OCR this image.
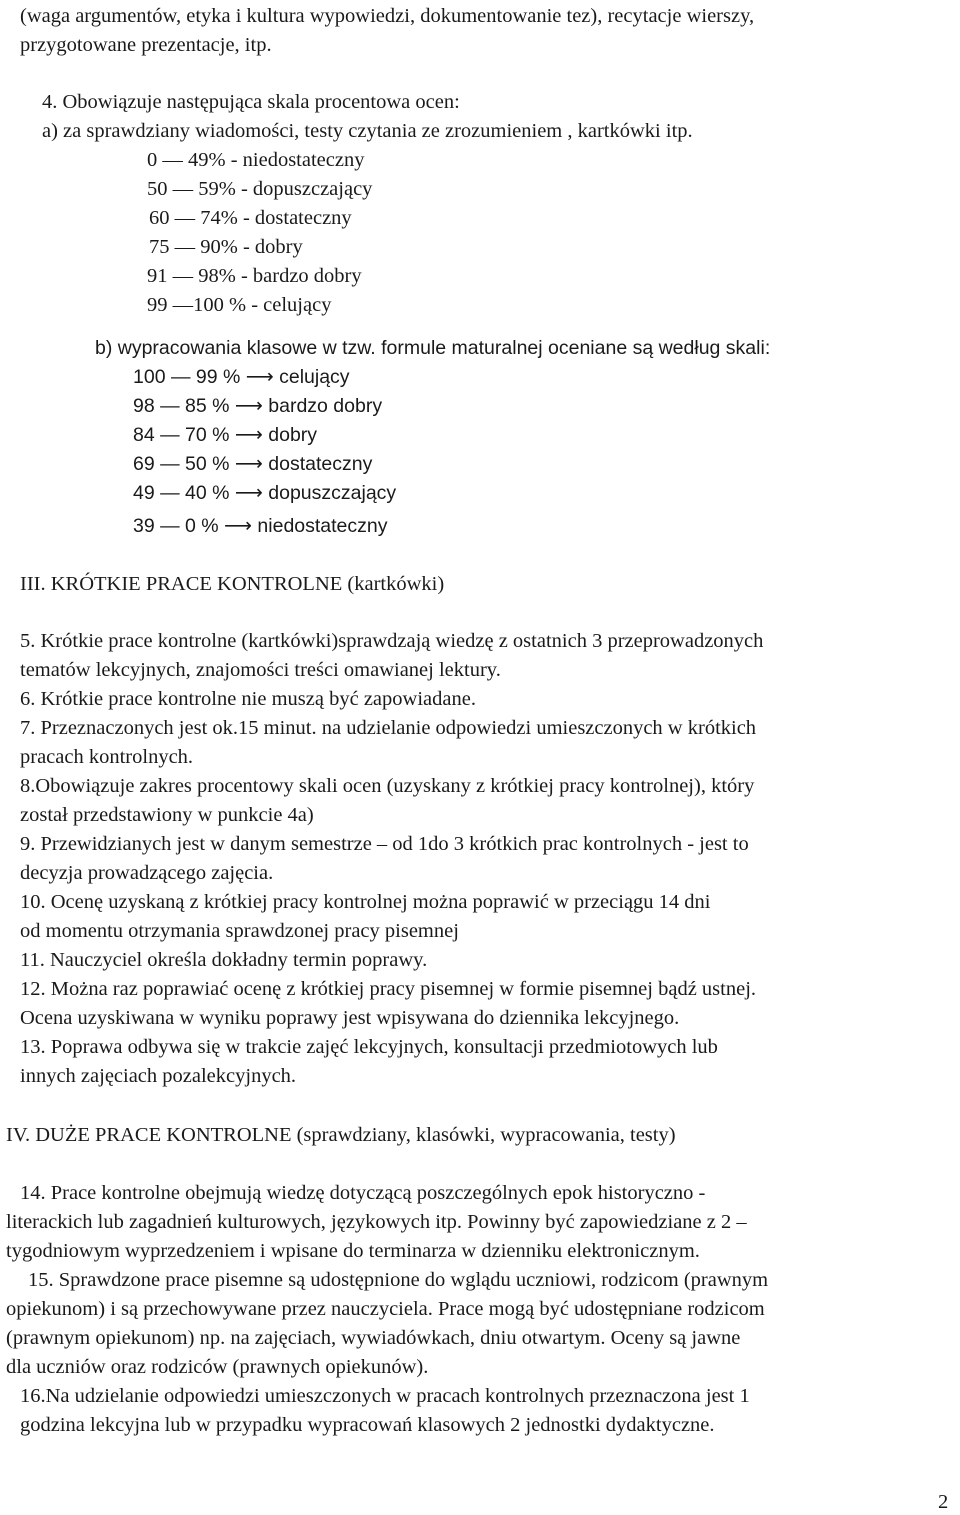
(waga argumentów, etyka i kultura wypowiedzi, dokumentowanie tez), recytacje wierszy,
przygotowane prezentacje, itp.
4. Obowiązuje następująca skala procentowa ocen:
a) za sprawdziany wiadomości, testy czytania ze zrozumieniem , kartkówki itp.
0 — 49% - niedostateczny
50 — 59% - dopuszczający
60 — 74% - dostateczny
75 — 90% - dobry
91 — 98% - bardzo dobry
99 —100 % - celujący
b) wypracowania klasowe w tzw. formule maturalnej oceniane są według skali:
100 — 99 % ⟶ celujący
98 — 85 % ⟶ bardzo dobry
84 — 70 % ⟶ dobry
69 — 50 % ⟶ dostateczny
49 — 40 % ⟶ dopuszczający
39 — 0 % ⟶ niedostateczny
III. KRÓTKIE PRACE KONTROLNE (kartkówki)
5. Krótkie prace kontrolne (kartkówki)sprawdzają wiedzę z ostatnich 3 przeprowadzonych
tematów lekcyjnych, znajomości treści omawianej lektury.
6. Krótkie prace kontrolne nie muszą być zapowiadane.
7. Przeznaczonych jest ok.15 minut. na udzielanie odpowiedzi umieszczonych w krótkich
pracach kontrolnych.
8.Obowiązuje zakres procentowy skali ocen (uzyskany z krótkiej pracy kontrolnej), który
został przedstawiony w punkcie 4a)
9. Przewidzianych jest w danym semestrze – od 1do 3 krótkich prac kontrolnych - jest to
decyzja prowadzącego zajęcia.
10. Ocenę uzyskaną z krótkiej pracy kontrolnej można poprawić w przeciągu 14 dni
od momentu otrzymania sprawdzonej pracy pisemnej
11. Nauczyciel określa dokładny termin poprawy.
12. Można raz poprawiać ocenę z krótkiej pracy pisemnej w formie pisemnej bądź ustnej.
Ocena uzyskiwana w wyniku poprawy jest wpisywana do dziennika lekcyjnego.
13. Poprawa odbywa się w trakcie zajęć lekcyjnych, konsultacji przedmiotowych lub
innych zajęciach pozalekcyjnych.
IV. DUŻE PRACE KONTROLNE (sprawdziany, klasówki, wypracowania, testy)
14. Prace kontrolne obejmują wiedzę dotyczącą poszczególnych epok historyczno -
literackich lub zagadnień kulturowych, językowych itp. Powinny być zapowiedziane z 2 –
tygodniowym wyprzedzeniem i wpisane do terminarza w dzienniku elektronicznym.
15. Sprawdzone prace pisemne są udostępnione do wglądu uczniowi, rodzicom (prawnym
opiekunom) i są przechowywane przez nauczyciela. Prace mogą być udostępniane rodzicom
(prawnym opiekunom) np. na zajęciach, wywiadówkach, dniu otwartym. Oceny są jawne
dla uczniów oraz rodziców (prawnych opiekunów).
16.Na udzielanie odpowiedzi umieszczonych w pracach kontrolnych przeznaczona jest 1
godzina lekcyjna lub w przypadku wypracowań klasowych 2 jednostki dydaktyczne.
2
